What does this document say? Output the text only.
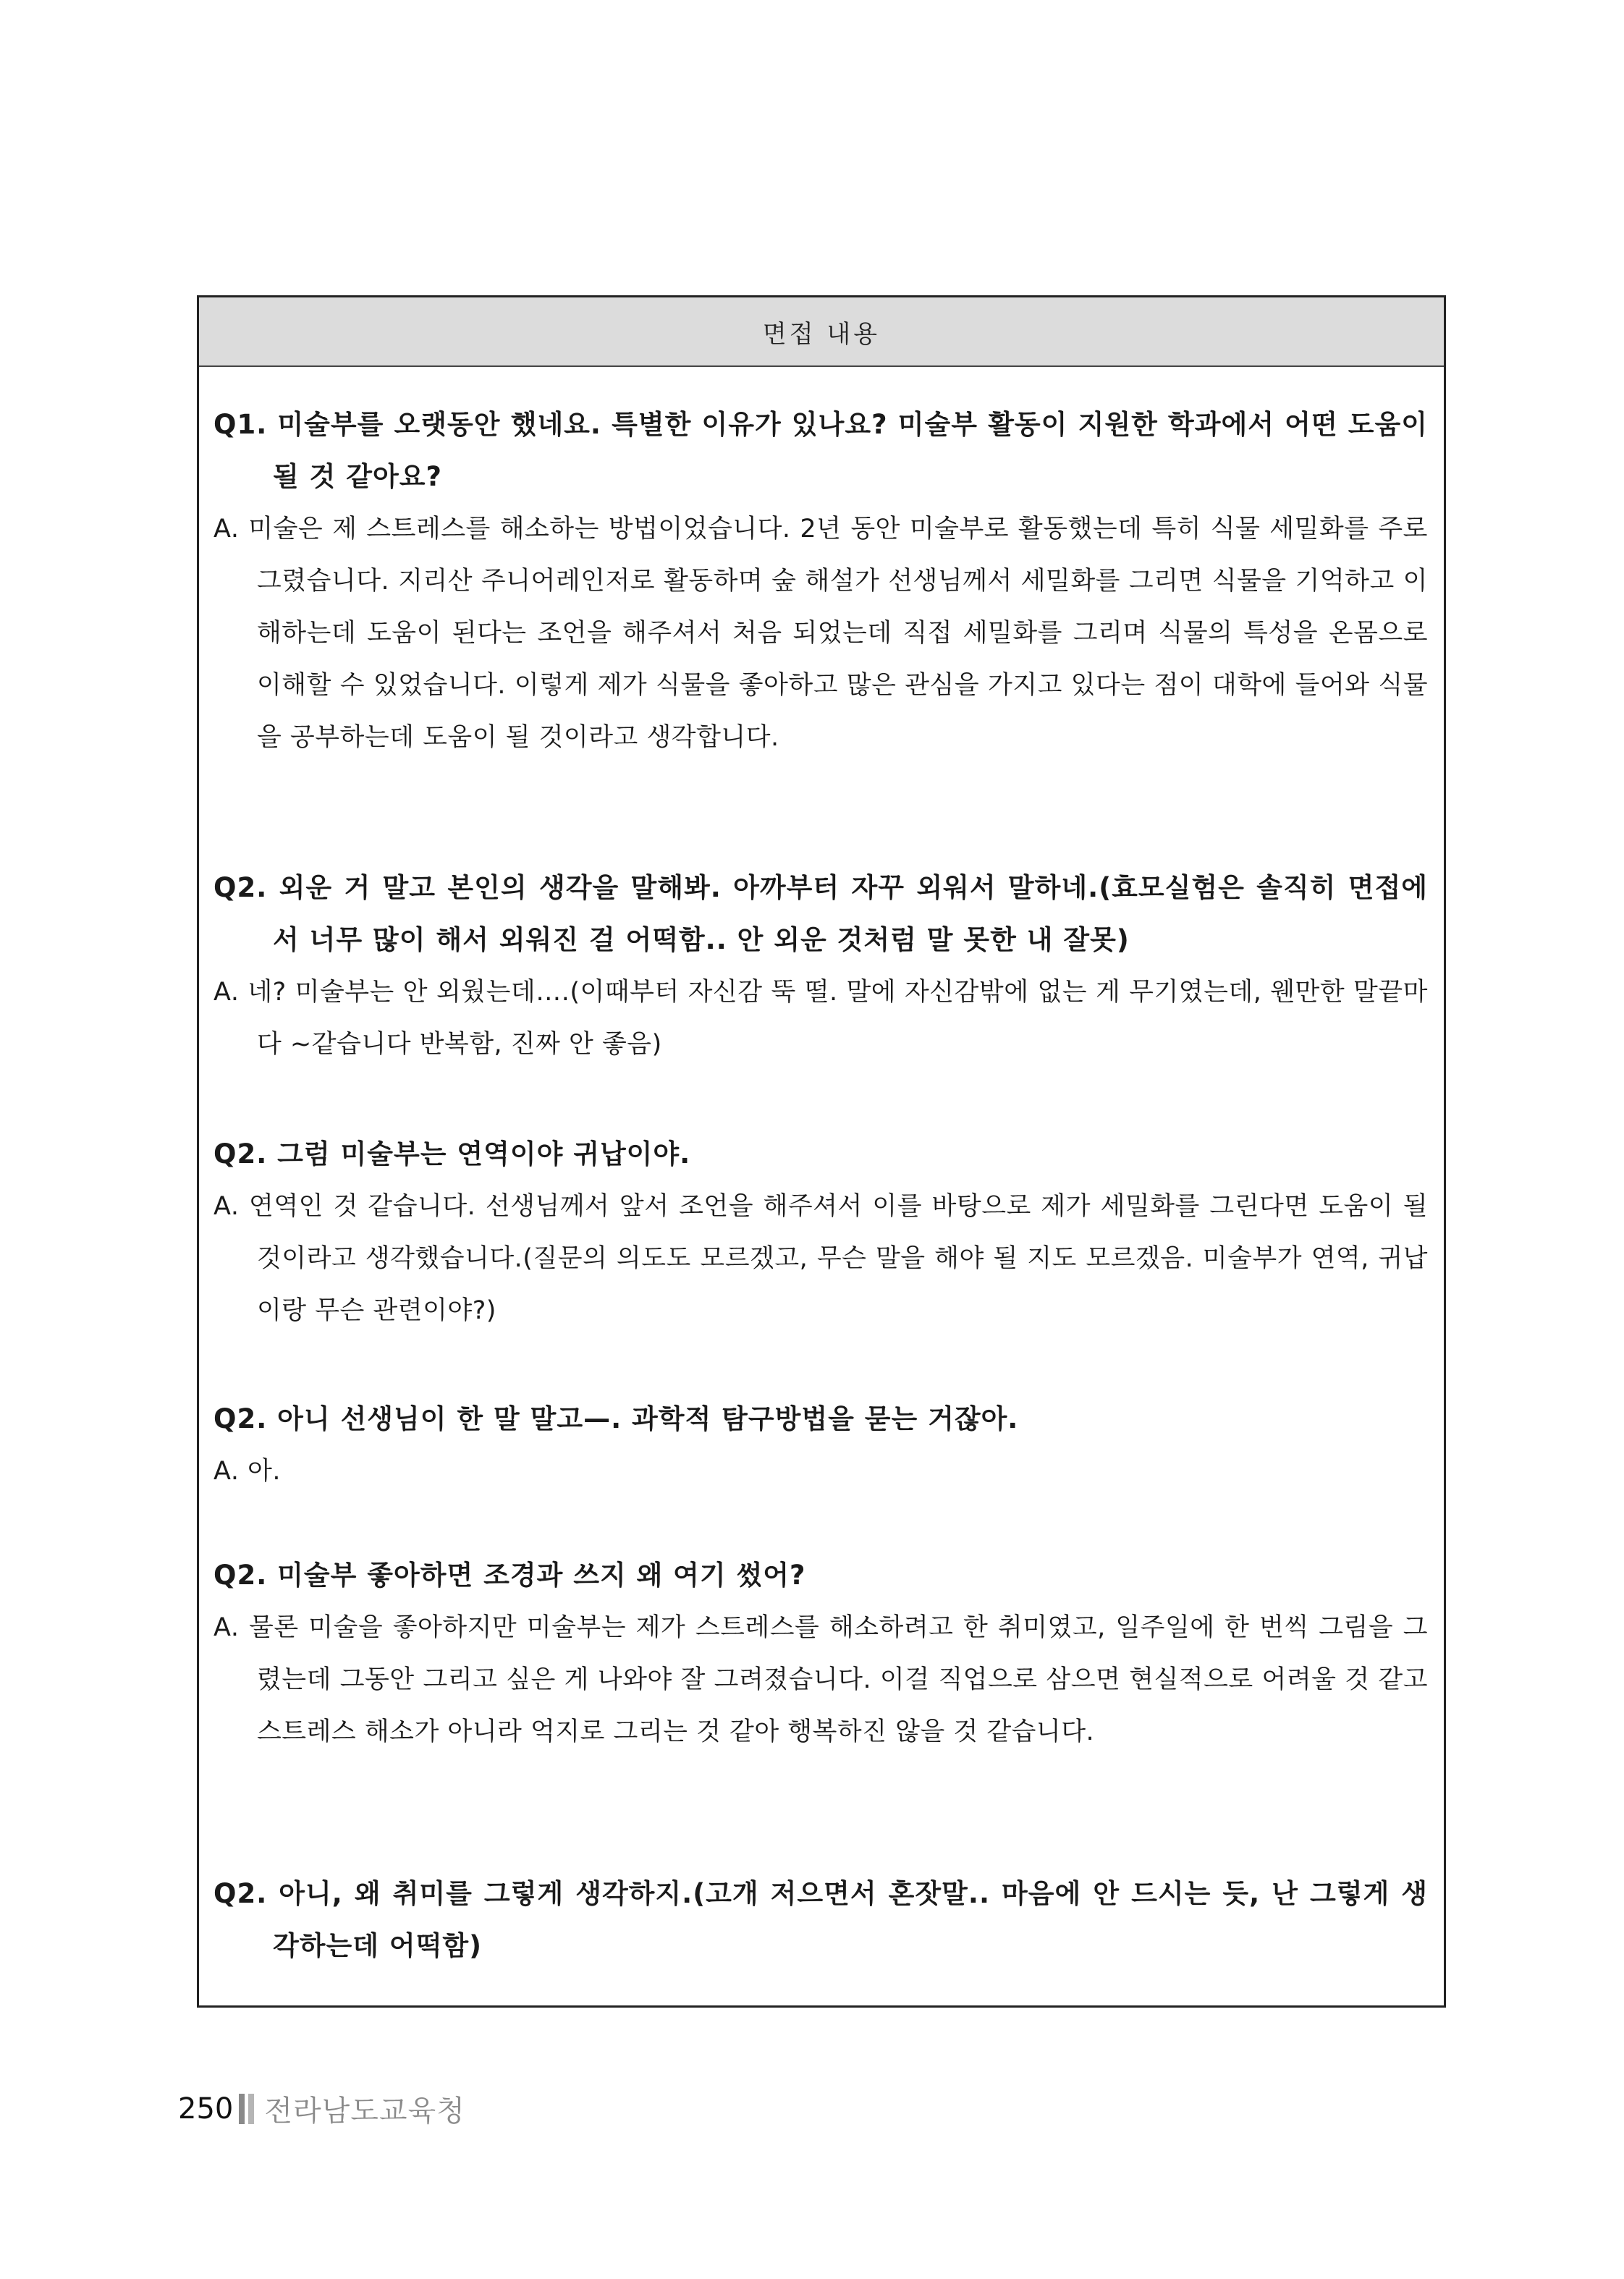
면접 내용
Q1. 미술부를 오랫동안 했네요. 특별한 이유가 있나요? 미술부 활동이 지원한 학과에서 어떤 도움이 될 것 같아요?
A. 미술은 제 스트레스를 해소하는 방법이었습니다. 2년 동안 미술부로 활동했는데 특히 식물 세밀화를 주로 그렸습니다. 지리산 주니어레인저로 활동하며 숲 해설가 선생님께서 세밀화를 그리면 식물을 기억하고 이해하는데 도움이 된다는 조언을 해주셔서 처음 되었는데 직접 세밀화를 그리며 식물의 특성을 온몸으로 이해할 수 있었습니다. 이렇게 제가 식물을 좋아하고 많은 관심을 가지고 있다는 점이 대학에 들어와 식물을 공부하는데 도움이 될 것이라고 생각합니다.
Q2. 외운 거 말고 본인의 생각을 말해봐. 아까부터 자꾸 외워서 말하네.(효모실험은 솔직히 면접에서 너무 많이 해서 외워진 걸 어떡함.. 안 외운 것처럼 말 못한 내 잘못)
A. 네? 미술부는 안 외웠는데….(이때부터 자신감 뚝 떨. 말에 자신감밖에 없는 게 무기였는데, 웬만한 말끝마다 ~같습니다 반복함, 진짜 안 좋음)
Q2. 그럼 미술부는 연역이야 귀납이야.
A. 연역인 것 같습니다. 선생님께서 앞서 조언을 해주셔서 이를 바탕으로 제가 세밀화를 그린다면 도움이 될 것이라고 생각했습니다.(질문의 의도도 모르겠고, 무슨 말을 해야 될 지도 모르겠음. 미술부가 연역, 귀납이랑 무슨 관련이야?)
Q2. 아니 선생님이 한 말 말고—. 과학적 탐구방법을 묻는 거잖아.
A. 아.
Q2. 미술부 좋아하면 조경과 쓰지 왜 여기 썼어?
A. 물론 미술을 좋아하지만 미술부는 제가 스트레스를 해소하려고 한 취미였고, 일주일에 한 번씩 그림을 그렸는데 그동안 그리고 싶은 게 나와야 잘 그려졌습니다. 이걸 직업으로 삼으면 현실적으로 어려울 것 같고 스트레스 해소가 아니라 억지로 그리는 것 같아 행복하진 않을 것 같습니다.
Q2. 아니, 왜 취미를 그렇게 생각하지.(고개 저으면서 혼잣말.. 마음에 안 드시는 듯, 난 그렇게 생각하는데 어떡함)
250 전라남도교육청
